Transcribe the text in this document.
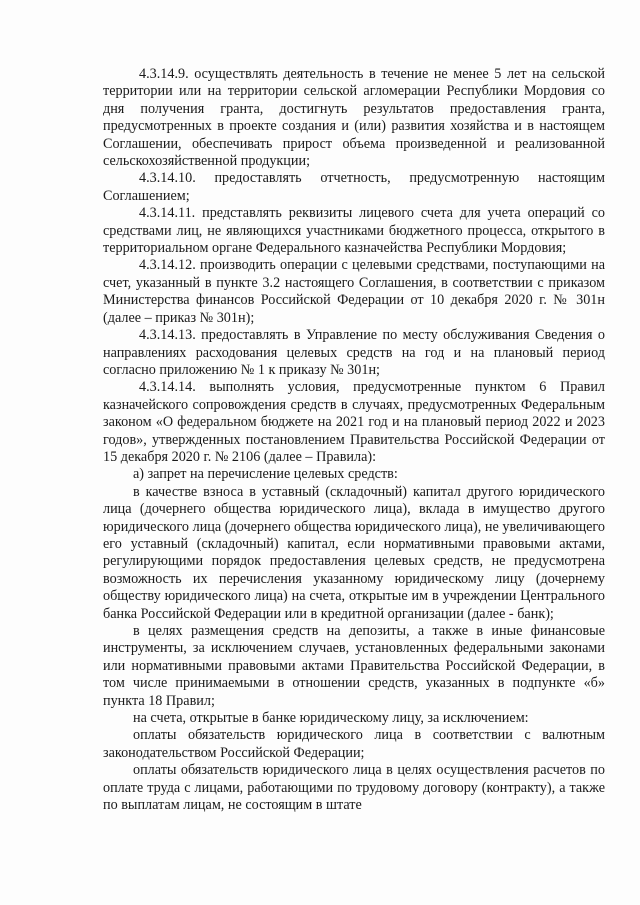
4.3.14.9. осуществлять деятельность в течение не менее 5 лет на сельской территории или на территории сельской агломерации Республики Мордовия со дня получения гранта, достигнуть результатов предоставления гранта, предусмотренных в проекте создания и (или) развития хозяйства и в настоящем Соглашении, обеспечивать прирост объема произведенной и реализованной сельскохозяйственной продукции;

4.3.14.10. предоставлять отчетность, предусмотренную настоящим Соглашением;

4.3.14.11. представлять реквизиты лицевого счета для учета операций со средствами лиц, не являющихся участниками бюджетного процесса, открытого в территориальном органе Федерального казначейства Республики Мордовия;

4.3.14.12. производить операции с целевыми средствами, поступающими на счет, указанный в пункте 3.2 настоящего Соглашения, в соответствии с приказом Министерства финансов Российской Федерации от 10 декабря 2020 г. № 301н (далее – приказ № 301н);

4.3.14.13. предоставлять в Управление по месту обслуживания Сведения о направлениях расходования целевых средств на год и на плановый период согласно приложению № 1 к приказу № 301н;

4.3.14.14. выполнять условия, предусмотренные пунктом 6 Правил казначейского сопровождения средств в случаях, предусмотренных Федеральным законом «О федеральном бюджете на 2021 год и на плановый период 2022 и 2023 годов», утвержденных постановлением Правительства Российской Федерации от 15 декабря 2020 г. № 2106 (далее – Правила):

а) запрет на перечисление целевых средств:

в качестве взноса в уставный (складочный) капитал другого юридического лица (дочернего общества юридического лица), вклада в имущество другого юридического лица (дочернего общества юридического лица), не увеличивающего его уставный (складочный) капитал, если нормативными правовыми актами, регулирующими порядок предоставления целевых средств, не предусмотрена возможность их перечисления указанному юридическому лицу (дочернему обществу юридического лица) на счета, открытые им в учреждении Центрального банка Российской Федерации или в кредитной организации (далее - банк);

в целях размещения средств на депозиты, а также в иные финансовые инструменты, за исключением случаев, установленных федеральными законами или нормативными правовыми актами Правительства Российской Федерации, в том числе принимаемыми в отношении средств, указанных в подпункте «б» пункта 18 Правил;

на счета, открытые в банке юридическому лицу, за исключением:

оплаты обязательств юридического лица в соответствии с валютным законодательством Российской Федерации;

оплаты обязательств юридического лица в целях осуществления расчетов по оплате труда с лицами, работающими по трудовому договору (контракту), а также по выплатам лицам, не состоящим в штате
